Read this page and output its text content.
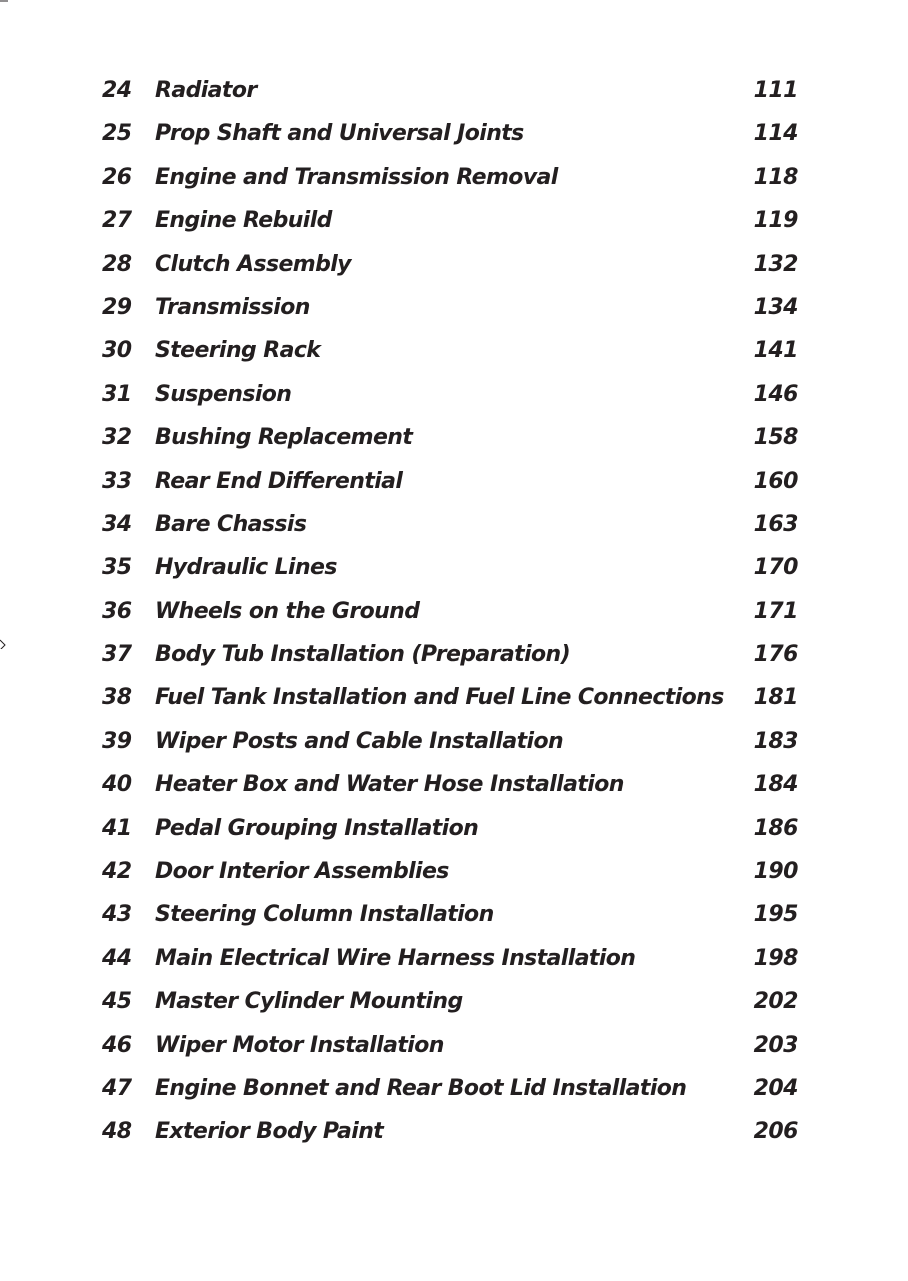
24	Radiator	111
25	Prop Shaft and Universal Joints	114
26	Engine and Transmission Removal	118
27	Engine Rebuild	119
28	Clutch Assembly	132
29	Transmission	134
30	Steering Rack	141
31	Suspension	146
32	Bushing Replacement	158
33	Rear End Differential	160
34	Bare Chassis	163
35	Hydraulic Lines	170
36	Wheels on the Ground	171
37	Body Tub Installation (Preparation)	176
38	Fuel Tank Installation and Fuel Line Connections 181
39	Wiper Posts and Cable Installation	183
40	Heater Box and Water Hose Installation	184
41	Pedal Grouping Installation	186
42	Door Interior Assemblies	190
43	Steering Column Installation	195
44	Main Electrical Wire Harness Installation	198
45	Master Cylinder Mounting	202
46	Wiper Motor Installation	203
47	Engine Bonnet and Rear Boot Lid Installation	204
48	Exterior Body Paint	206
